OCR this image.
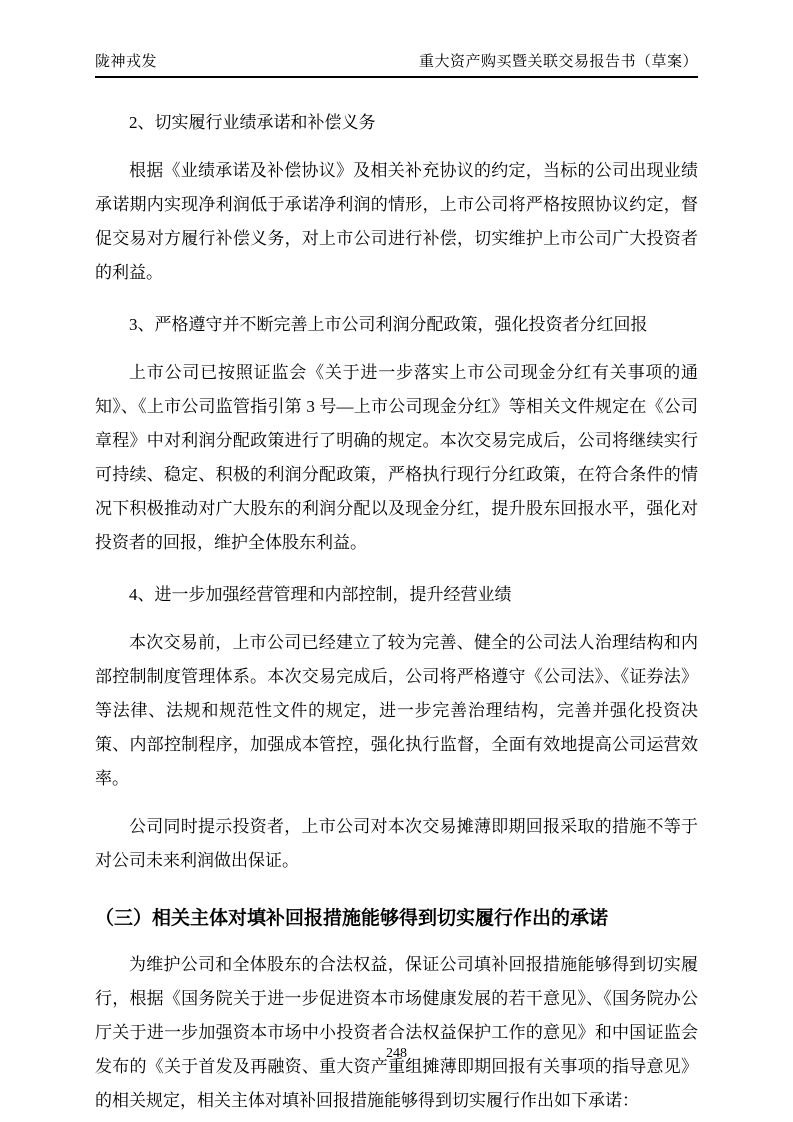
陇神戎发	重大资产购买暨关联交易报告书（草案）
2、切实履行业绩承诺和补偿义务
根据《业绩承诺及补偿协议》及相关补充协议的约定，当标的公司出现业绩承诺期内实现净利润低于承诺净利润的情形，上市公司将严格按照协议约定，督促交易对方履行补偿义务，对上市公司进行补偿，切实维护上市公司广大投资者的利益。
3、严格遵守并不断完善上市公司利润分配政策，强化投资者分红回报
上市公司已按照证监会《关于进一步落实上市公司现金分红有关事项的通知》、《上市公司监管指引第 3 号—上市公司现金分红》等相关文件规定在《公司章程》中对利润分配政策进行了明确的规定。本次交易完成后，公司将继续实行可持续、稳定、积极的利润分配政策，严格执行现行分红政策，在符合条件的情况下积极推动对广大股东的利润分配以及现金分红，提升股东回报水平，强化对投资者的回报，维护全体股东利益。
4、进一步加强经营管理和内部控制，提升经营业绩
本次交易前，上市公司已经建立了较为完善、健全的公司法人治理结构和内部控制制度管理体系。本次交易完成后，公司将严格遵守《公司法》、《证券法》等法律、法规和规范性文件的规定，进一步完善治理结构，完善并强化投资决策、内部控制程序，加强成本管控，强化执行监督，全面有效地提高公司运营效率。
公司同时提示投资者，上市公司对本次交易摊薄即期回报采取的措施不等于对公司未来利润做出保证。
（三）相关主体对填补回报措施能够得到切实履行作出的承诺
为维护公司和全体股东的合法权益，保证公司填补回报措施能够得到切实履行，根据《国务院关于进一步促进资本市场健康发展的若干意见》、《国务院办公厅关于进一步加强资本市场中小投资者合法权益保护工作的意见》和中国证监会发布的《关于首发及再融资、重大资产重组摊薄即期回报有关事项的指导意见》的相关规定，相关主体对填补回报措施能够得到切实履行作出如下承诺：
248
